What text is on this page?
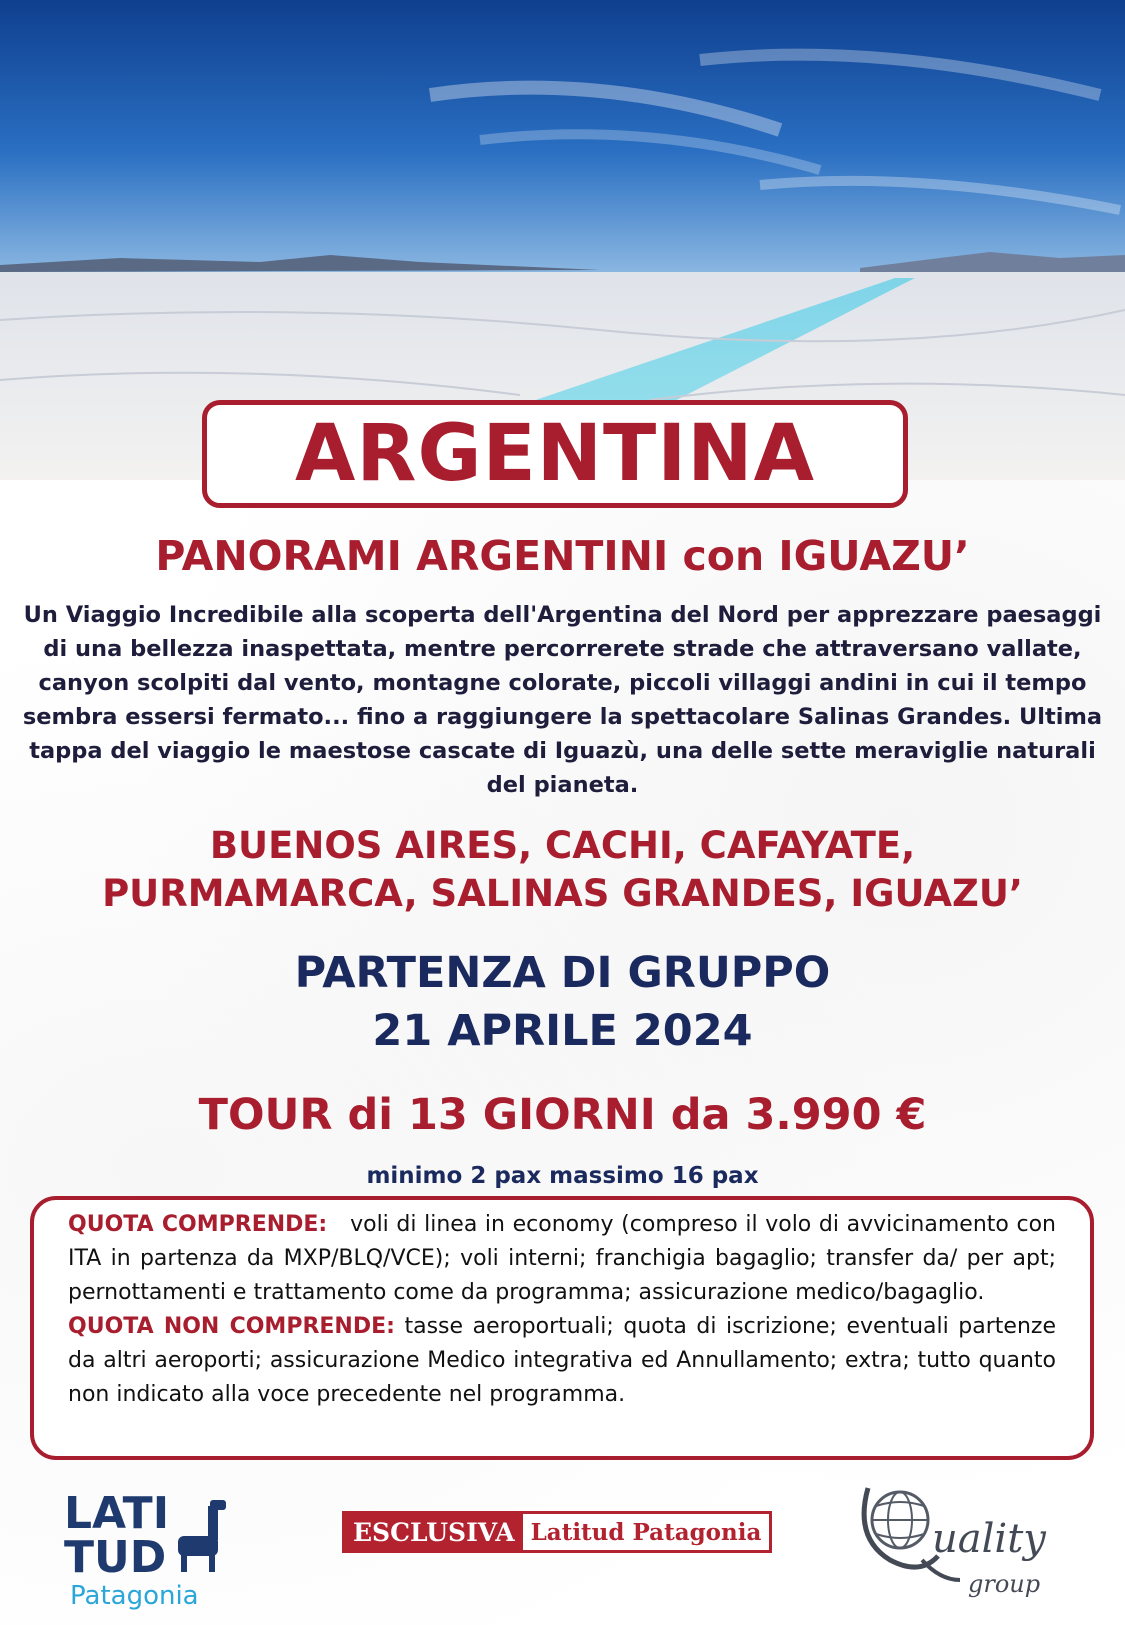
ARGENTINA
PANORAMI ARGENTINI con IGUAZU’
Un Viaggio Incredibile alla scoperta dell'Argentina del Nord per apprezzare paesaggi di una bellezza inaspettata, mentre percorrerete strade che attraversano vallate, canyon scolpiti dal vento, montagne colorate, piccoli villaggi andini in cui il tempo sembra essersi fermato... fino a raggiungere la spettacolare Salinas Grandes. Ultima tappa del viaggio le maestose cascate di Iguazù, una delle sette meraviglie naturali del pianeta.
BUENOS AIRES, CACHI, CAFAYATE,
PURMAMARCA, SALINAS GRANDES, IGUAZU’
PARTENZA DI GRUPPO
21 APRILE 2024
TOUR di 13 GIORNI da 3.990 €
minimo 2 pax massimo 16 pax
QUOTA COMPRENDE: voli di linea in economy (compreso il volo di avvicinamento con ITA in partenza da MXP/BLQ/VCE); voli interni; franchigia bagaglio; transfer da/ per apt; pernottamenti e trattamento come da programma; assicurazione medico/bagaglio.
QUOTA NON COMPRENDE: tasse aeroportuali; quota di iscrizione; eventuali partenze da altri aeroporti; assicurazione Medico integrativa ed Annullamento; extra; tutto quanto non indicato alla voce precedente nel programma.
LATI
TUD
Patagonia
ESCLUSIVA Latitud Patagonia	uality
group
